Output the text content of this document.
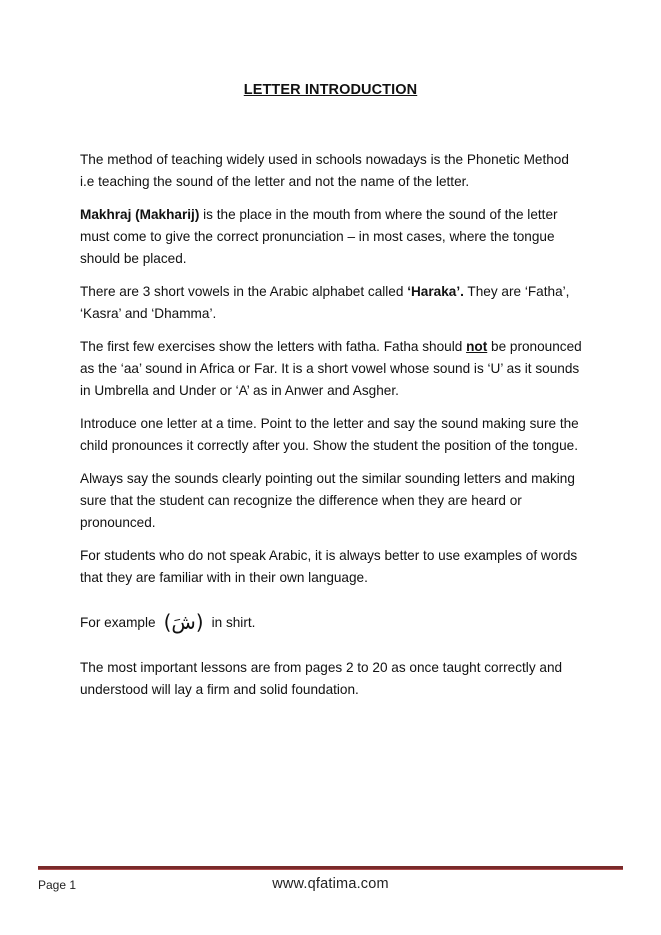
LETTER INTRODUCTION

The method of teaching widely used in schools nowadays is the Phonetic Method i.e teaching the sound of the letter and not the name of the letter.

Makhraj (Makharij) is the place in the mouth from where the sound of the letter must come to give the correct pronunciation – in most cases, where the tongue should be placed.

There are 3 short vowels in the Arabic alphabet called ‘Haraka’. They are ‘Fatha’, ‘Kasra’ and ‘Dhamma’.

The first few exercises show the letters with fatha. Fatha should not be pronounced as the ‘aa’ sound in Africa or Far. It is a short vowel whose sound is ‘U’ as it sounds in Umbrella and Under or ‘A’ as in Anwer and Asgher.

Introduce one letter at a time. Point to the letter and say the sound making sure the child pronounces it correctly after you. Show the student the position of the tongue.

Always say the sounds clearly pointing out the similar sounding letters and making sure that the student can recognize the difference when they are heard or pronounced.

For students who do not speak Arabic, it is always better to use examples of words that they are familiar with in their own language.

For example (شَ) in shirt.

The most important lessons are from pages 2 to 20 as once taught correctly and understood will lay a firm and solid foundation.

Page 1	www.qfatima.com
